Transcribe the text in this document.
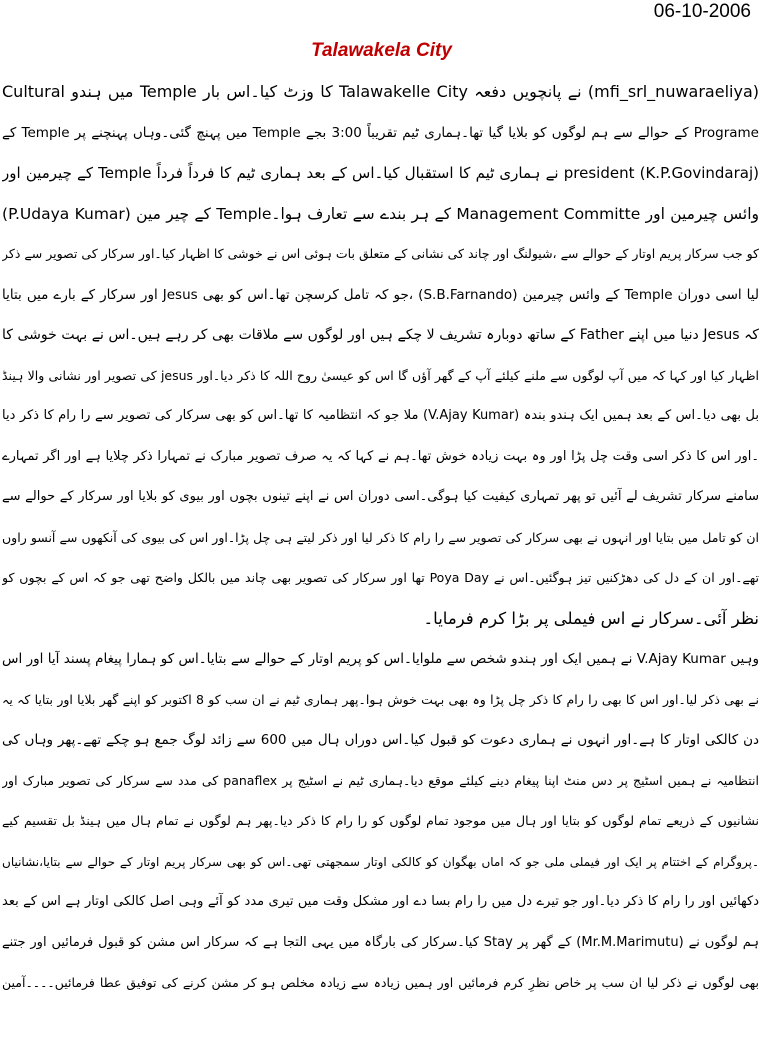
06-10-2006
Talawakela City
(mfi_srl_nuwaraeliya) نے پانچویں دفعہ Talawakelle City کا وزٹ کیا۔اس بار Temple میں ہندو Cultural
Programe کے حوالے سے ہم لوگوں کو بلایا گیا تھا۔ہماری ٹیم تقریباً 3:00 بجے Temple میں پہنچ گئی۔وہاں پہنچنے پر Temple کے
president (K.P.Govindaraj) نے ہماری ٹیم کا استقبال کیا۔اس کے بعد ہماری ٹیم کا فرداً فرداً Temple کے چیرمین اور
وائس چیرمین اور Management Committe کے ہر بندے سے تعارف ہوا۔Temple کے چیر مین (P.Udaya Kumar)
کو جب سرکار پریم اوتار کے حوالے سے ،شیولنگ اور چاند کی نشانی کے متعلق بات ہوئی اس نے خوشی کا اظہار کیا۔اور سرکار کی تصویر سے ذکر
لیا اسی دوران Temple کے وائس چیرمین (S.B.Farnando) ،جو کہ تامل کرسچن تھا۔اس کو بھی Jesus اور سرکار کے بارے میں بتایا
کہ Jesus دنیا میں اپنے Father کے ساتھ دوبارہ تشریف لا چکے ہیں اور لوگوں سے ملاقات بھی کر رہے ہیں۔اس نے بہت خوشی کا
اظہار کیا اور کہا کہ میں آپ لوگوں سے ملنے کیلئے آپ کے گھر آؤں گا اس کو عیسیٰ روح اللہ کا ذکر دیا۔اور jesus کی تصویر اور نشانی والا ہینڈ
بل بھی دیا۔اس کے بعد ہمیں ایک ہندو بندہ (V.Ajay Kumar) ملا جو کہ انتظامیہ کا تھا۔اس کو بھی سرکار کی تصویر سے را رام کا ذکر دیا
۔اور اس کا ذکر اسی وقت چل پڑا اور وہ بہت زیادہ خوش تھا۔ہم نے کہا کہ یہ صرف تصویر مبارک نے تمہارا ذکر چلایا ہے اور اگر تمہارے
سامنے سرکار تشریف لے آئیں تو پھر تمہاری کیفیت کیا ہوگی۔اسی دوران اس نے اپنے تینوں بچوں اور بیوی کو بلایا اور سرکار کے حوالے سے
ان کو تامل میں بتایا اور انہوں نے بھی سرکار کی تصویر سے را رام کا ذکر لیا اور ذکر لیتے ہی چل پڑا۔اور اس کی بیوی کی آنکھوں سے آنسو راوں
تھے۔اور ان کے دل کی دھڑکنیں تیز ہوگئیں۔اس نے Poya Day تھا اور سرکار کی تصویر بھی چاند میں بالکل واضح تھی جو کہ اس کے بچوں کو
نظر آئی۔سرکار نے اس فیملی پر بڑا کرم فرمایا۔
وہیں V.Ajay Kumar نے ہمیں ایک اور ہندو شخص سے ملوایا۔اس کو پریم اوتار کے حوالے سے بتایا۔اس کو ہمارا پیغام پسند آیا اور اس
نے بھی ذکر لیا۔اور اس کا بھی را رام کا ذکر چل پڑا وہ بھی بہت خوش ہوا۔پھر ہماری ٹیم نے ان سب کو 8 اکتوبر کو اپنے گھر بلایا اور بتایا کہ یہ
دن کالکی اوتار کا ہے۔اور انہوں نے ہماری دعوت کو قبول کیا۔اس دوراں ہال میں 600 سے زائد لوگ جمع ہو چکے تھے۔پھر وہاں کی
انتظامیہ نے ہمیں اسٹیج پر دس منٹ اپنا پیغام دینے کیلئے موقع دیا۔ہماری ٹیم نے اسٹیج پر panaflex کی مدد سے سرکار کی تصویر مبارک اور
نشانیوں کے ذریعے تمام لوگوں کو بتایا اور ہال میں موجود تمام لوگوں کو را رام کا ذکر دیا۔پھر ہم لوگوں نے تمام ہال میں ہینڈ بل تقسیم کیے
۔پروگرام کے اختتام پر ایک اور فیملی ملی جو کہ اماں بھگوان کو کالکی اوتار سمجھتی تھی۔اس کو بھی سرکار پریم اوتار کے حوالے سے بتایا،نشانیاں
دکھائیں اور را رام کا ذکر دیا۔اور جو تیرے دل میں را رام بسا دے اور مشکل وقت میں تیری مدد کو آئے وہی اصل کالکی اوتار ہے اس کے بعد
ہم لوگوں نے (Mr.M.Marimutu) کے گھر پر Stay کیا۔سرکار کی بارگاہ میں یہی التجا ہے کہ سرکار اس مشن کو قبول فرمائیں اور جتنے
بھی لوگوں نے ذکر لیا ان سب پر خاص نظرِ کرم فرمائیں اور ہمیں زیادہ سے زیادہ مخلص ہو کر مشن کرنے کی توفیق عطا فرمائیں۔۔۔۔آمین
